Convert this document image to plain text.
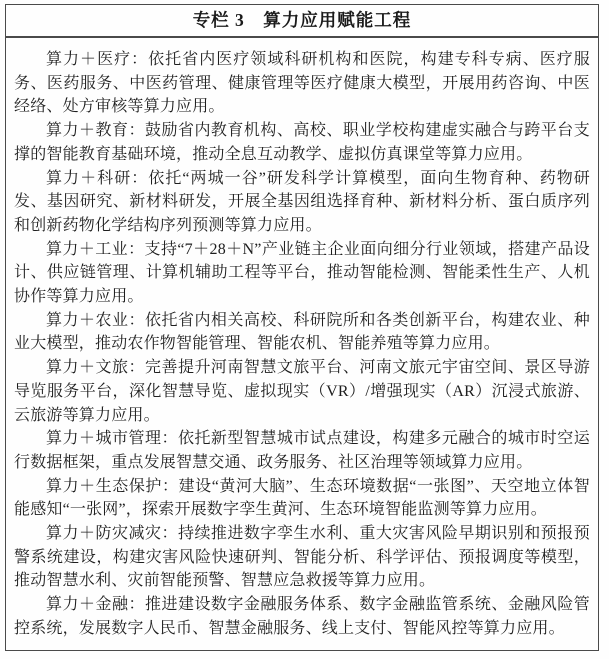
专栏 3　算力应用赋能工程

算力＋医疗：依托省内医疗领域科研机构和医院，构建专科专病、医疗服务、医药服务、中医药管理、健康管理等医疗健康大模型，开展用药咨询、中医经络、处方审核等算力应用。

算力＋教育：鼓励省内教育机构、高校、职业学校构建虚实融合与跨平台支撑的智能教育基础环境，推动全息互动教学、虚拟仿真课堂等算力应用。

算力＋科研：依托“两城一谷”研发科学计算模型，面向生物育种、药物研发、基因研究、新材料研发，开展全基因组选择育种、新材料分析、蛋白质序列和创新药物化学结构序列预测等算力应用。

算力＋工业：支持“7＋28＋N”产业链主企业面向细分行业领域，搭建产品设计、供应链管理、计算机辅助工程等平台，推动智能检测、智能柔性生产、人机协作等算力应用。

算力＋农业：依托省内相关高校、科研院所和各类创新平台，构建农业、种业大模型，推动农作物智能管理、智能农机、智能养殖等算力应用。

算力＋文旅：完善提升河南智慧文旅平台、河南文旅元宇宙空间、景区导游导览服务平台，深化智慧导览、虚拟现实（VR）/增强现实（AR）沉浸式旅游、云旅游等算力应用。

算力＋城市管理：依托新型智慧城市试点建设，构建多元融合的城市时空运行数据框架，重点发展智慧交通、政务服务、社区治理等领域算力应用。

算力＋生态保护：建设“黄河大脑”、生态环境数据“一张图”、天空地立体智能感知“一张网”，探索开展数字孪生黄河、生态环境智能监测等算力应用。

算力＋防灾减灾：持续推进数字孪生水利、重大灾害风险早期识别和预报预警系统建设，构建灾害风险快速研判、智能分析、科学评估、预报调度等模型，推动智慧水利、灾前智能预警、智慧应急救援等算力应用。

算力＋金融：推进建设数字金融服务体系、数字金融监管系统、金融风险管控系统，发展数字人民币、智慧金融服务、线上支付、智能风控等算力应用。
